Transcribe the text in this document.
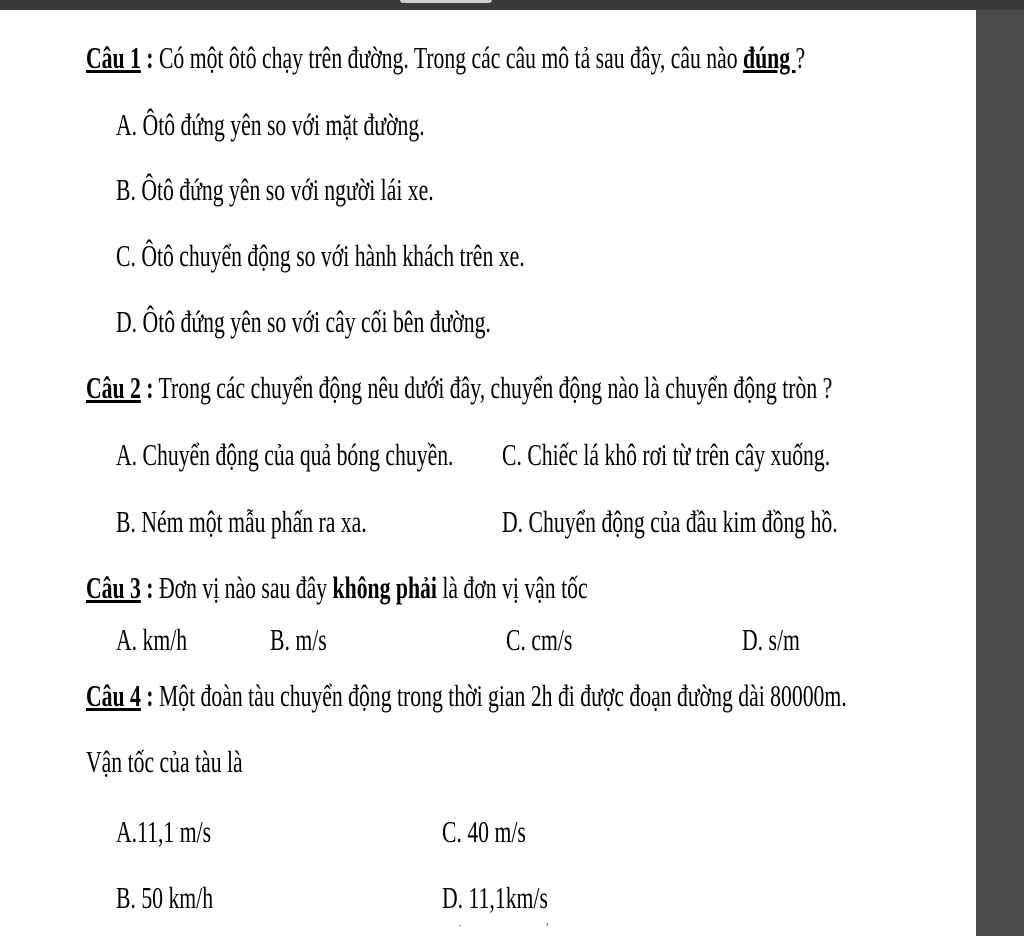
Câu 1 : Có một ôtô chạy trên đường. Trong các câu mô tả sau đây, câu nào đúng ?
A. Ôtô đứng yên so với mặt đường.
B. Ôtô đứng yên so với người lái xe.
C. Ôtô chuyển động so với hành khách trên xe.
D. Ôtô đứng yên so với cây cối bên đường.
Câu 2 : Trong các chuyển động nêu dưới đây, chuyển động nào là chuyển động tròn ?
A. Chuyển động của quả bóng chuyền. C. Chiếc lá khô rơi từ trên cây xuống.
B. Ném một mẫu phấn ra xa.	D. Chuyển động của đầu kim đồng hồ.
Câu 3 : Đơn vị nào sau đây không phải là đơn vị vận tốc
A. km/h	B. m/s	C. cm/s	D. s/m
Câu 4 : Một đoàn tàu chuyển động trong thời gian 2h đi được đoạn đường dài 80000m.
Vận tốc của tàu là
A.11,1 m/s	C. 40 m/s
B. 50 km/h	D. 11,1km/s
ʾ	ʹ
